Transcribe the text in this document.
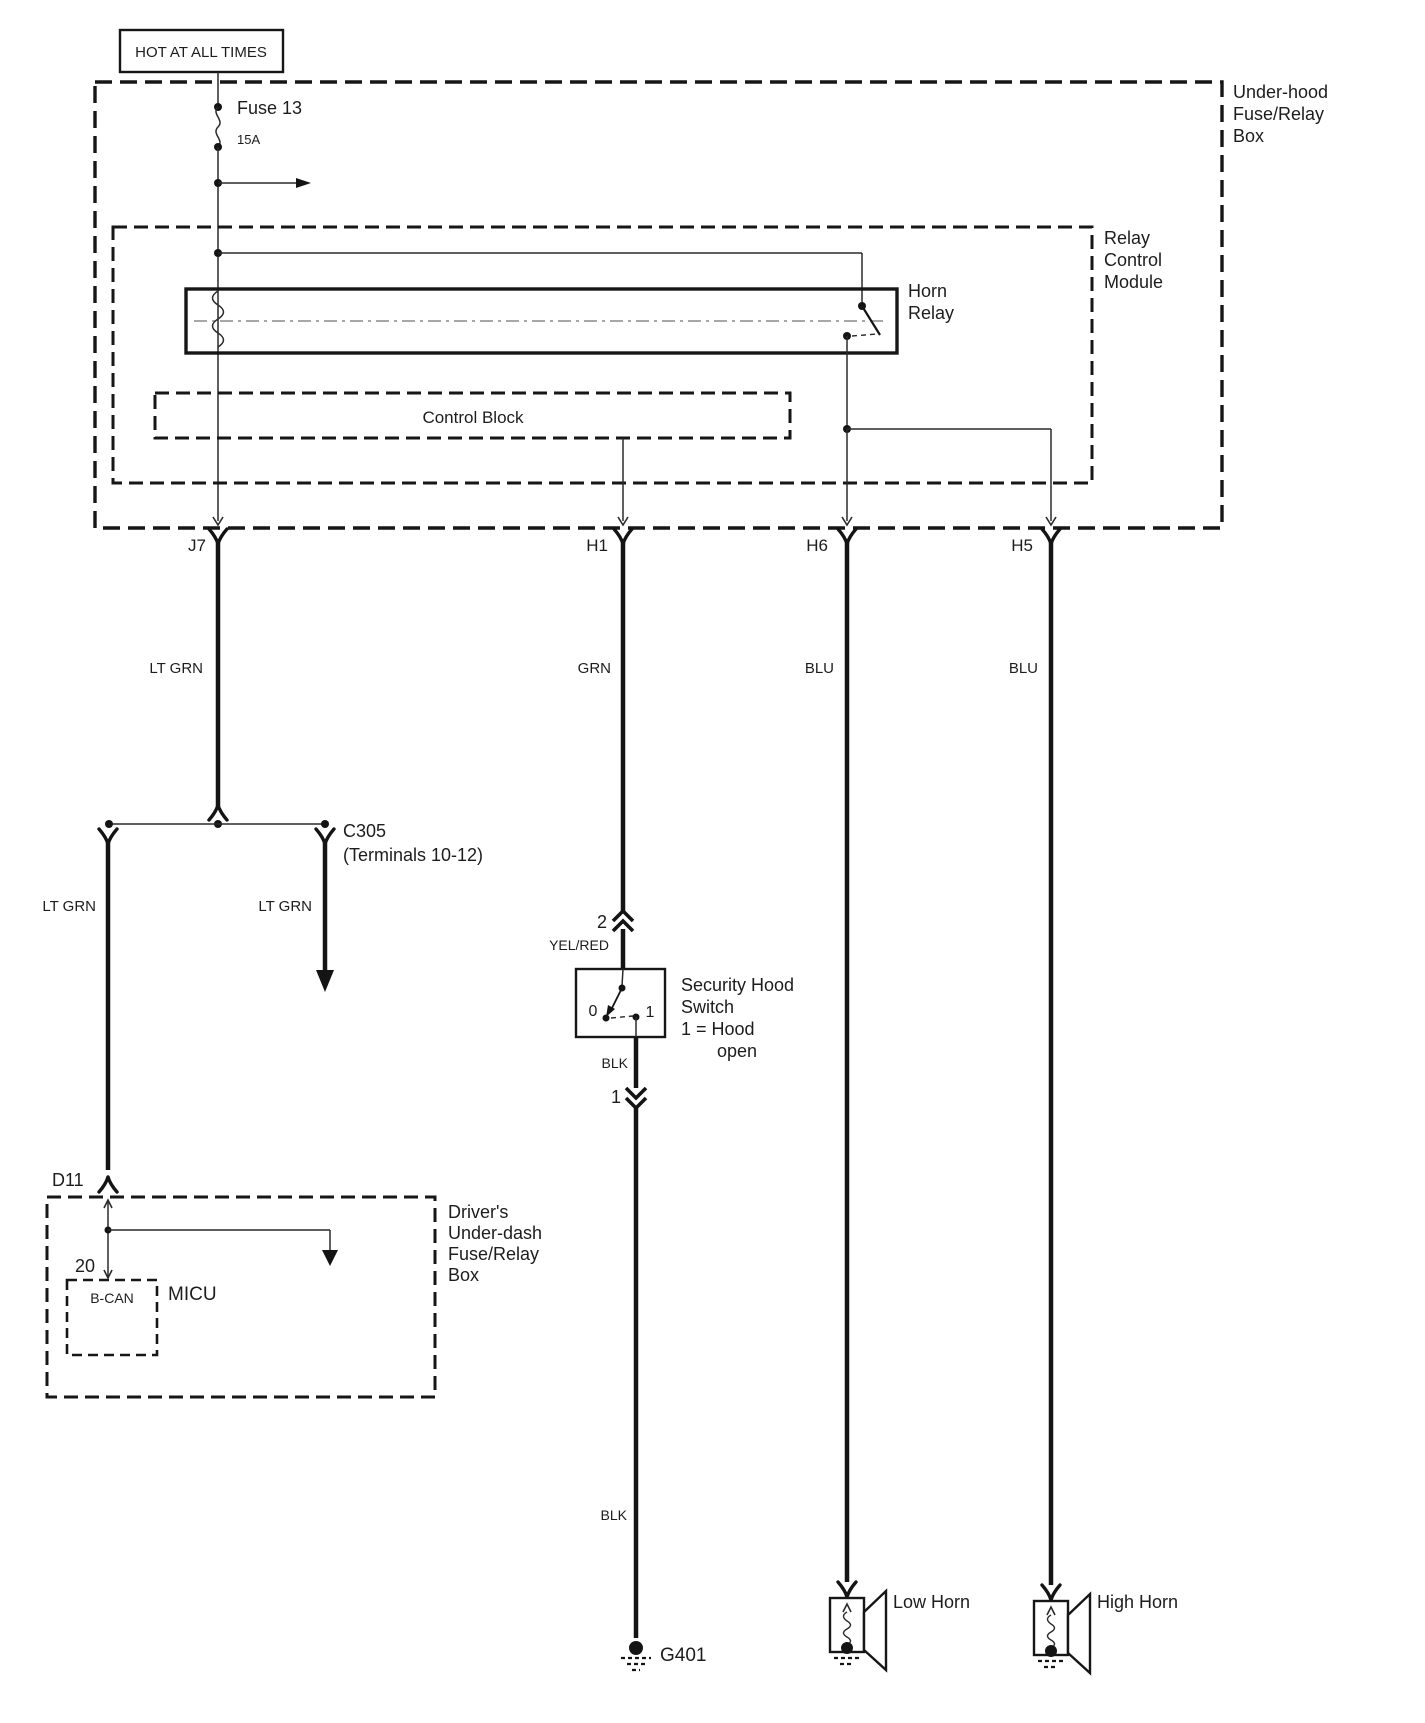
HOT AT ALL TIMES
Under-hood
Fuse/Relay
Box
Fuse 13
15A
Relay
Control
Module
Horn
Relay
Control Block
J7	H1	H6	H5
LT GRN	GRN	BLU	BLU
C305
(Terminals 10-12)
LT GRN	LT GRN
2
YEL/RED
0	1
Security Hood
Switch
1 = Hood
open
BLK
1
BLK
G401
D11
Driver's
Under-dash
Fuse/Relay
Box
20
B-CAN MICU
Low Horn	High Horn
